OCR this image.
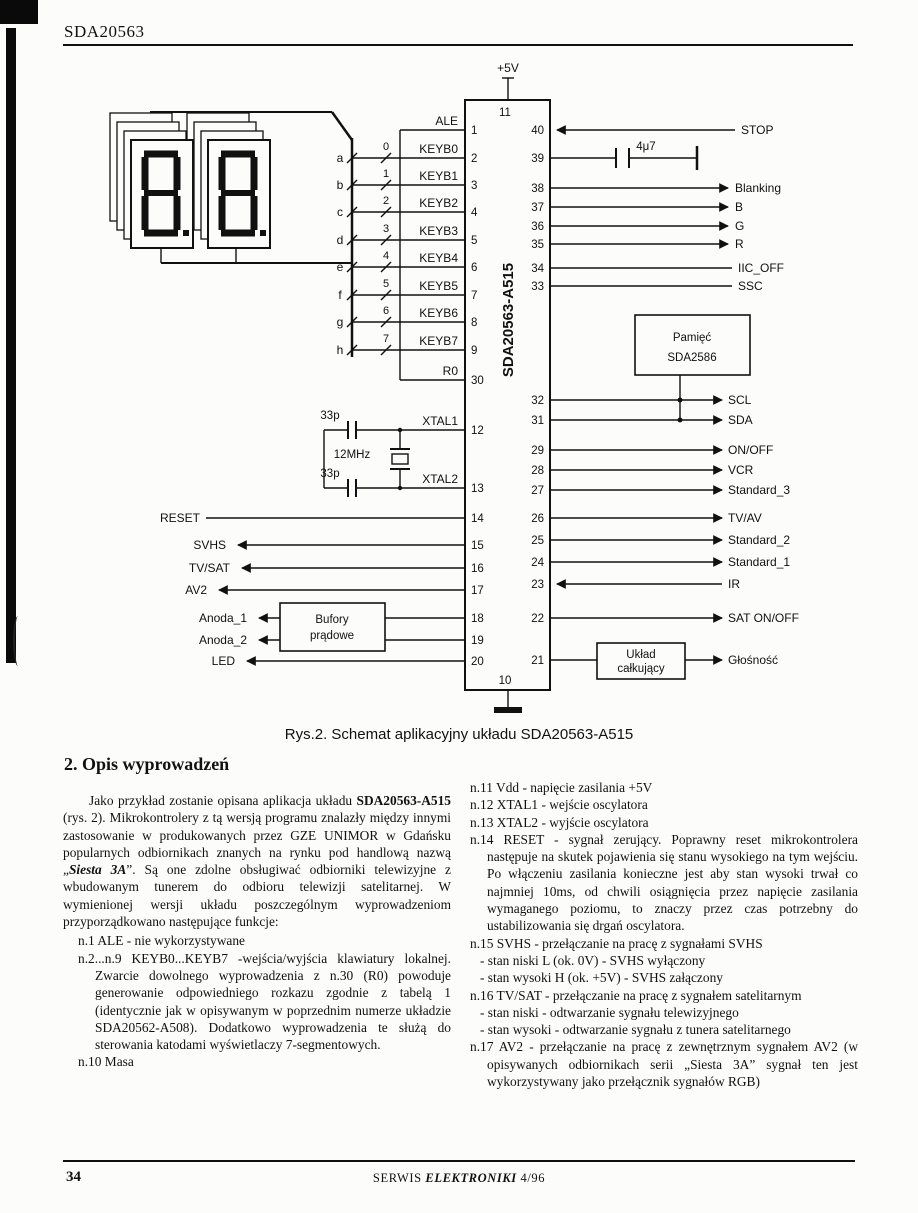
SDA20563
+5V
11
10
SDA20563-A515
1
2
3
4
5
6
7
8
9
30
12
13
14
15
16
17
18
19
20
ALE
KEYB0
KEYB1
KEYB2
KEYB3
KEYB4
KEYB5
KEYB6
KEYB7
R0
XTAL1
XTAL2
RESET
SVHS
TV/SAT
AV2
Anoda_1
Anoda_2
LED
0
1
2
3
4
5
6
7
a
b
c
d
e
f
g
h
33p
33p
12MHz
4μ7
Bufory
prądowe
Pamięć
SDA2586
Układ
całkujący
40
39
38
37
36
35
34
33
32
31
29
28
27
26
25
24
23
22
21
STOP
Blanking
B
G
R
IIC_OFF
SSC
SCL
SDA
ON/OFF
VCR
Standard_3
TV/AV
Standard_2
Standard_1
IR
SAT ON/OFF
Głośność
Rys.2. Schemat aplikacyjny układu SDA20563-A515
2. Opis wyprowadzeń

Jako przykład zostanie opisana aplikacja układu SDA20563-A515 (rys. 2). Mikrokontrolery z tą wersją programu znalazły między innymi zastosowanie w produkowanych przez GZE UNIMOR w Gdańsku popularnych odbiornikach znanych na rynku pod handlową nazwą „Siesta 3A”. Są one zdolne obsługiwać odbiorniki telewizyjne z wbudowanym tunerem do odbioru telewizji satelitarnej. W wymienionej wersji układu poszczególnym wyprowadzeniom przyporządkowano następujące funkcje:

n.1 ALE - nie wykorzystywane
n.2...n.9 KEYB0...KEYB7 -wejścia/wyjścia klawiatury lokalnej. Zwarcie dowolnego wyprowadzenia z n.30 (R0) powoduje generowanie odpowiedniego rozkazu zgodnie z tabelą 1 (identycznie jak w opisywanym w poprzednim numerze układzie SDA20562-A508). Dodatkowo wyprowadzenia te służą do sterowania katodami wyświetlaczy 7-segmentowych.
n.10 Masa
n.11 Vdd - napięcie zasilania +5V
n.12 XTAL1 - wejście oscylatora
n.13 XTAL2 - wyjście oscylatora
n.14 RESET - sygnał zerujący. Poprawny reset mikrokontrolera następuje na skutek pojawienia się stanu wysokiego na tym wejściu. Po włączeniu zasilania konieczne jest aby stan wysoki trwał co najmniej 10ms, od chwili osiągnięcia przez napięcie zasilania wymaganego poziomu, to znaczy przez czas potrzebny do ustabilizowania się drgań oscylatora.
n.15 SVHS - przełączanie na pracę z sygnałami SVHS
- stan niski L (ok. 0V) - SVHS wyłączony
- stan wysoki H (ok. +5V) - SVHS załączony
n.16 TV/SAT - przełączanie na pracę z sygnałem satelitarnym
- stan niski - odtwarzanie sygnału telewizyjnego
- stan wysoki - odtwarzanie sygnału z tunera satelitarnego
n.17 AV2 - przełączanie na pracę z zewnętrznym sygnałem AV2 (w opisywanych odbiornikach serii „Siesta 3A” sygnał ten jest wykorzystywany jako przełącznik sygnałów RGB)
34	SERWIS ELEKTRONIKI 4/96
